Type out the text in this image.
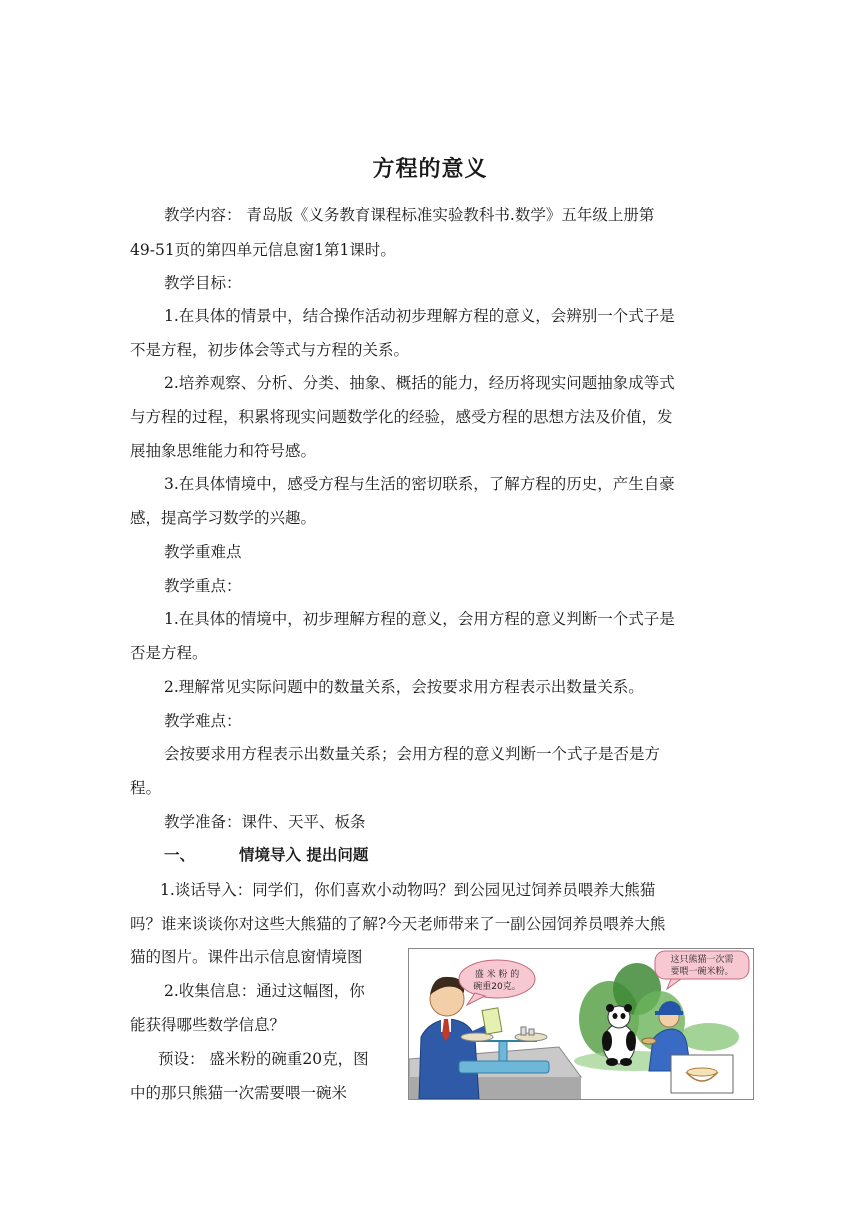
方程的意义
教学内容： 青岛版《义务教育课程标准实验教科书.数学》五年级上册第
49-51页的第四单元信息窗1第1课时。
教学目标：
1.在具体的情景中，结合操作活动初步理解方程的意义，会辨别一个式子是
不是方程，初步体会等式与方程的关系。
2.培养观察、分析、分类、抽象、概括的能力，经历将现实问题抽象成等式
与方程的过程，积累将现实问题数学化的经验，感受方程的思想方法及价值，发
展抽象思维能力和符号感。
3.在具体情境中，感受方程与生活的密切联系，了解方程的历史，产生自豪
感，提高学习数学的兴趣。
教学重难点
教学重点：
1.在具体的情境中，初步理解方程的意义，会用方程的意义判断一个式子是
否是方程。
2.理解常见实际问题中的数量关系，会按要求用方程表示出数量关系。
教学难点：
会按要求用方程表示出数量关系；会用方程的意义判断一个式子是否是方
程。
教学准备：课件、天平、板条
一、	情境导入 提出问题
1.谈话导入：同学们，你们喜欢小动物吗？到公园见过饲养员喂养大熊猫
吗？谁来谈谈你对这些大熊猫的了解?今天老师带来了一副公园饲养员喂养大熊
猫的图片。课件出示信息窗情境图
2.收集信息：通过这幅图，你
能获得哪些数学信息？
预设： 盛米粉的碗重20克，图
中的那只熊猫一次需要喂一碗米
盛 米 粉 的
碗重20克。
这只熊猫一次需
要喂一碗米粉。
